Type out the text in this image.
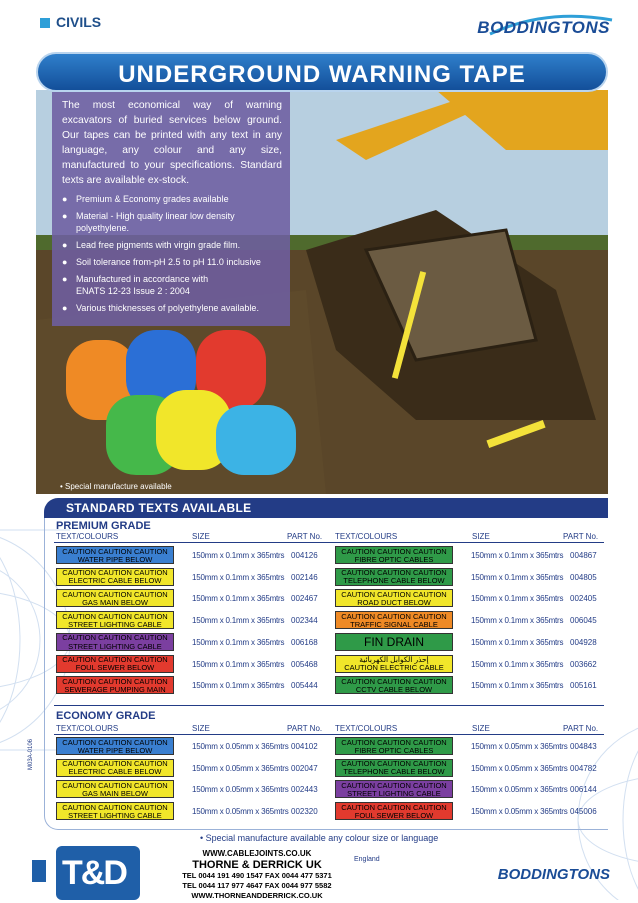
CIVILS	BODDINGTONS

The most economical way of warning excavators of buried services below ground. Our tapes can be printed with any text in any language, any colour and any size, manufactured to your specifications. Standard texts are available ex-stock.

● Premium & Economy grades available
● Material - High quality linear low density polyethylene.
● Lead free pigments with virgin grade film.
● Soil tolerance from-pH 2.5 to pH 11.0 inclusive
● Manufactured in accordance with
ENATS 12-23 Issue 2 : 2004
● Various thicknesses of polyethylene available.
UNDERGROUND WARNING TAPE
• Special manufacture available
STANDARD TEXTS AVAILABLE
PREMIUM GRADE
TEXT/COLOURS	SIZE	PART No. TEXT/COLOURS	SIZE	PART No.
CAUTION CAUTION CAUTION
WATER PIPE BELOW	150mm x 0.1mm x 365mtrs 004126
CAUTION CAUTION CAUTION
ELECTRIC CABLE BELOW	150mm x 0.1mm x 365mtrs 002146
CAUTION CAUTION CAUTION
GAS MAIN BELOW	150mm x 0.1mm x 365mtrs 002467
CAUTION CAUTION CAUTION
STREET LIGHTING CABLE	150mm x 0.1mm x 365mtrs 002344
CAUTION CAUTION CAUTION
STREET LIGHTING CABLE	150mm x 0.1mm x 365mtrs 006168
CAUTION CAUTION CAUTION
FOUL SEWER BELOW	150mm x 0.1mm x 365mtrs 005468
CAUTION CAUTION CAUTION
SEWERAGE PUMPING MAIN	150mm x 0.1mm x 365mtrs 005444
CAUTION CAUTION CAUTION
FIBRE OPTIC CABLES	150mm x 0.1mm x 365mtrs 004867
CAUTION CAUTION CAUTION
TELEPHONE CABLE BELOW	150mm x 0.1mm x 365mtrs 004805
CAUTION CAUTION CAUTION
ROAD DUCT BELOW	150mm x 0.1mm x 365mtrs 002405
CAUTION CAUTION CAUTION
TRAFFIC SIGNAL CABLE	150mm x 0.1mm x 365mtrs 006045
FIN DRAIN	150mm x 0.1mm x 365mtrs 004928
إحذر الكوابل الكهربائية
CAUTION ELECTRIC CABLE	150mm x 0.1mm x 365mtrs 003662
CAUTION CAUTION CAUTION
CCTV CABLE BELOW	150mm x 0.1mm x 365mtrs 005161
ECONOMY GRADE
TEXT/COLOURS	SIZE	PART No. TEXT/COLOURS	SIZE	PART No.
CAUTION CAUTION CAUTION
WATER PIPE BELOW	150mm x 0.05mm x 365mtrs 004102
CAUTION CAUTION CAUTION
ELECTRIC CABLE BELOW	150mm x 0.05mm x 365mtrs 002047
CAUTION CAUTION CAUTION
GAS MAIN BELOW	150mm x 0.05mm x 365mtrs 002443
CAUTION CAUTION CAUTION
STREET LIGHTING CABLE	150mm x 0.05mm x 365mtrs 002320
CAUTION CAUTION CAUTION
FIBRE OPTIC CABLES	150mm x 0.05mm x 365mtrs 004843
CAUTION CAUTION CAUTION
TELEPHONE CABLE BELOW	150mm x 0.05mm x 365mtrs 004782
CAUTION CAUTION CAUTION
STREET LIGHTING CABLE	150mm x 0.05mm x 365mtrs 006144
CAUTION CAUTION CAUTION
FOUL SEWER BELOW	150mm x 0.05mm x 365mtrs 045006
M03A-0106
• Special manufacture available any colour size or language
England
T&D
WWW.CABLEJOINTS.CO.UK
THORNE & DERRICK UK
TEL 0044 191 490 1547 FAX 0044 477 5371
TEL 0044 117 977 4647 FAX 0044 977 5582
WWW.THORNEANDDERRICK.CO.UK
BODDINGTONS
